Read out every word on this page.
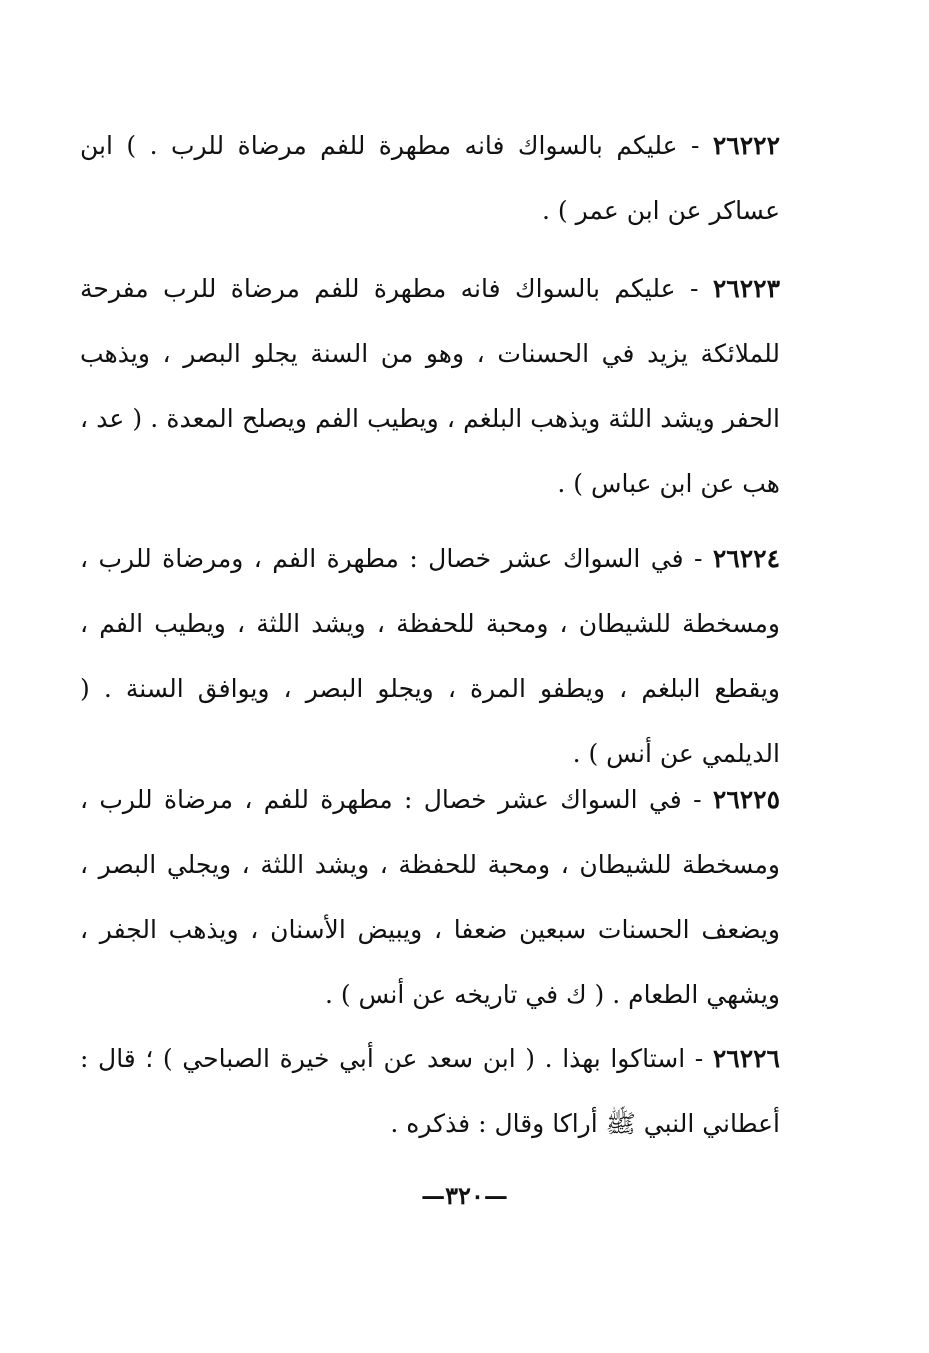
٢٦٢٢٢ - عليكم بالسواك فانه مطهرة للفم مرضاة للرب . ) ابن عساكر عن ابن عمر ) .

٢٦٢٢٣ - عليكم بالسواك فانه مطهرة للفم مرضاة للرب مفرحة للملائكة يزيد في الحسنات ، وهو من السنة يجلو البصر ، ويذهب الحفر ويشد اللثة ويذهب البلغم ، ويطيب الفم ويصلح المعدة . ( عد ، هب عن ابن عباس ) .

٢٦٢٢٤ - في السواك عشر خصال : مطهرة الفم ، ومرضاة للرب ، ومسخطة للشيطان ، ومحبة للحفظة ، ويشد اللثة ، ويطيب الفم ، ويقطع البلغم ، ويطفو المرة ، ويجلو البصر ، ويوافق السنة . ( الديلمي عن أنس ) .

٢٦٢٢٥ - في السواك عشر خصال : مطهرة للفم ، مرضاة للرب ، ومسخطة للشيطان ، ومحبة للحفظة ، ويشد اللثة ، ويجلي البصر ، ويضعف الحسنات سبعين ضعفا ، ويبيض الأسنان ، ويذهب الجفر ، ويشهي الطعام . ( ك في تاريخه عن أنس ) .

٢٦٢٢٦ - استاكوا بهذا . ( ابن سعد عن أبي خيرة الصباحي ) ؛ قال : أعطاني النبي ﷺ أراكا وقال : فذكره .

—٣٢٠—
